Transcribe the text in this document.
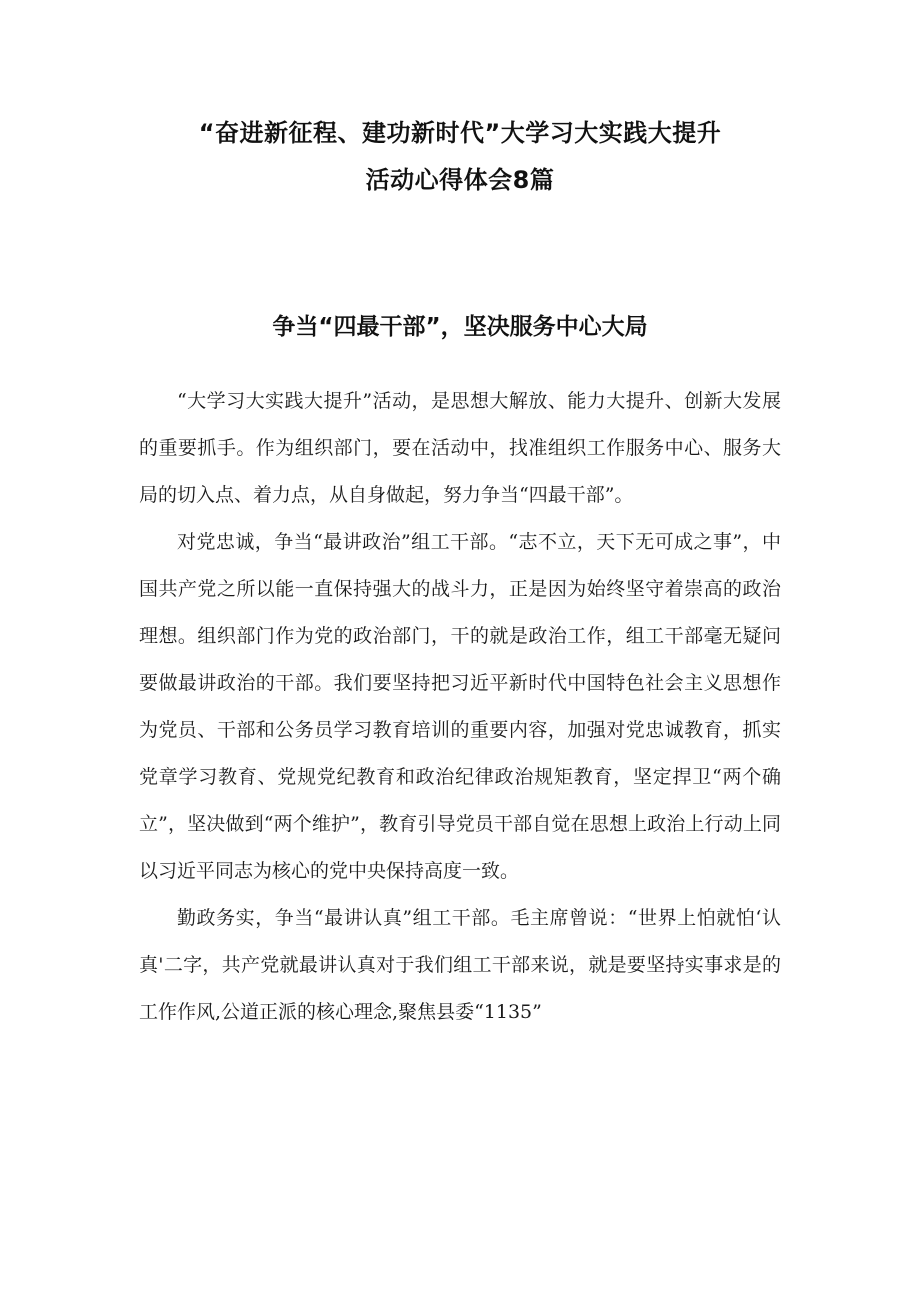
“奋进新征程、建功新时代”大学习大实践大提升
活动心得体会8篇
争当“四最干部”，坚决服务中心大局

“大学习大实践大提升”活动，是思想大解放、能力大提升、创新大发展的重要抓手。作为组织部门，要在活动中，找准组织工作服务中心、服务大局的切入点、着力点，从自身做起，努力争当“四最干部”。

对党忠诚，争当“最讲政治”组工干部。“志不立，天下无可成之事”，中国共产党之所以能一直保持强大的战斗力，正是因为始终坚守着崇高的政治理想。组织部门作为党的政治部门，干的就是政治工作，组工干部毫无疑问要做最讲政治的干部。我们要坚持把习近平新时代中国特色社会主义思想作为党员、干部和公务员学习教育培训的重要内容，加强对党忠诚教育，抓实党章学习教育、党规党纪教育和政治纪律政治规矩教育，坚定捍卫“两个确立”，坚决做到“两个维护”，教育引导党员干部自觉在思想上政治上行动上同以习近平同志为核心的党中央保持高度一致。

勤政务实，争当“最讲认真”组工干部。毛主席曾说：“世界上怕就怕‘认真'二字，共产党就最讲认真对于我们组工干部来说，就是要坚持实事求是的工作作风,公道正派的核心理念,聚焦县委“1135”
